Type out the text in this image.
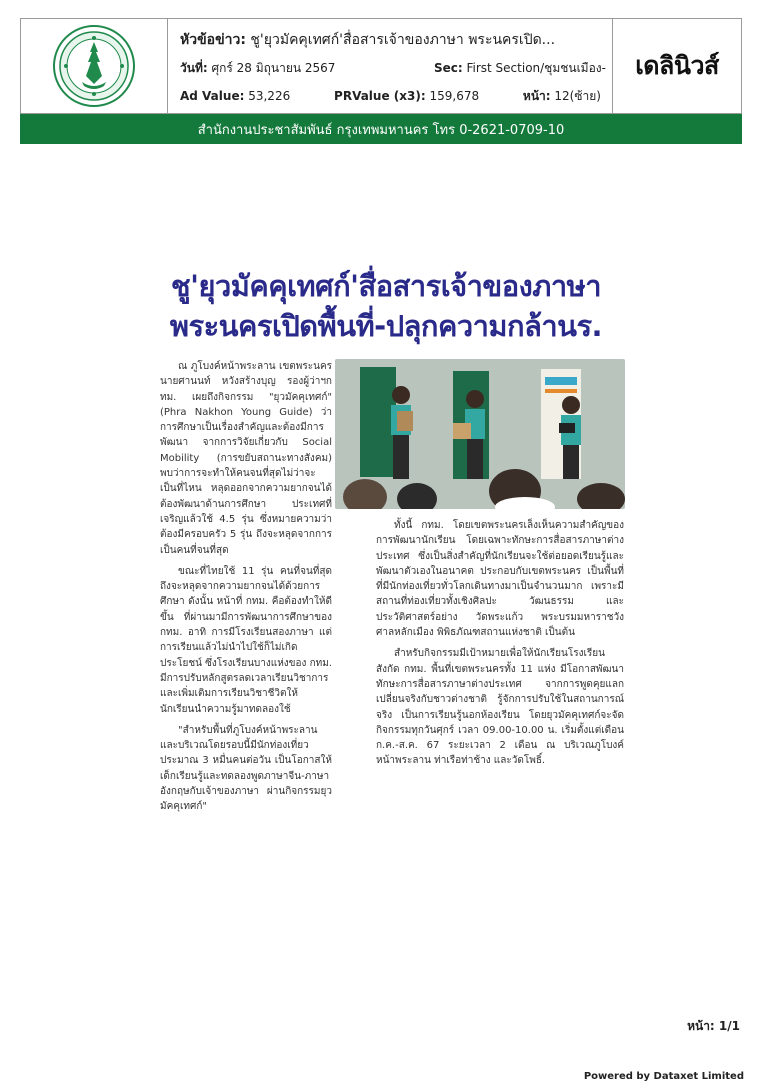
หัวข้อข่าว: ชู'ยุวมัคคุเทศก์'สื่อสารเจ้าของภาษา พระนครเปิด...
วันที่: ศุกร์ 28 มิถุนายน 2567	Sec: First Section/ชุมชนเมือง-
Ad Value: 53,226	PRValue (x3): 159,678	หน้า: 12(ซ้าย)
เดลินิวส์
สำนักงานประชาสัมพันธ์ กรุงเทพมหานคร โทร 0-2621-0709-10
ชู'ยุวมัคคุเทศก์'สื่อสารเจ้าของภาษา
พระนครเปิดพื้นที่-ปลุกความกล้านร.

ณ ภูโบงค์หน้าพระลาน เขตพระนคร นายศานนท์ หวังสร้างบุญ รองผู้ว่าฯกทม. เผยถึงกิจกรรม "ยุวมัคคุเทศก์" (Phra Nakhon Young Guide) ว่า การศึกษาเป็นเรื่องสำคัญและต้องมีการพัฒนา จากการวิจัยเกี่ยวกับ Social Mobility (การขยับสถานะทางสังคม) พบว่าการจะทำให้คนจนที่สุดไม่ว่าจะเป็นที่ไหน หลุดออกจากความยากจนได้ต้องพัฒนาด้านการศึกษา ประเทศที่เจริญแล้วใช้ 4.5 รุ่น ซึ่งหมายความว่าต้องมีครอบครัว 5 รุ่น ถึงจะหลุดจากการเป็นคนที่จนที่สุด

ขณะที่ไทยใช้ 11 รุ่น คนที่จนที่สุดถึงจะหลุดจากความยากจนได้ด้วยการศึกษา ดังนั้น หน้าที่ กทม. คือต้องทำให้ดีขึ้น ที่ผ่านมามีการพัฒนาการศึกษาของ กทม. อาทิ การมีโรงเรียนสองภาษา แต่การเรียนแล้วไม่นำไปใช้ก็ไม่เกิดประโยชน์ ซึ่งโรงเรียนบางแห่งของ กทม. มีการปรับหลักสูตรลดเวลาเรียนวิชาการ และเพิ่มเติมการเรียนวิชาชีวิตให้นักเรียนนำความรู้มาทดลองใช้

"สำหรับพื้นที่ภูโบงค์หน้าพระลานและบริเวณโดยรอบนี้มีนักท่องเที่ยวประมาณ 3 หมื่นคนต่อวัน เป็นโอกาสให้เด็กเรียนรู้และทดลองพูดภาษาจีน-ภาษาอังกฤษกับเจ้าของภาษา ผ่านกิจกรรมยุวมัคคุเทศก์"

ทั้งนี้ กทม. โดยเขตพระนครเล็งเห็นความสำคัญของการพัฒนานักเรียน โดยเฉพาะทักษะการสื่อสารภาษาต่างประเทศ ซึ่งเป็นสิ่งสำคัญที่นักเรียนจะใช้ต่อยอดเรียนรู้และพัฒนาตัวเองในอนาคต ประกอบกับเขตพระนคร เป็นพื้นที่ที่มีนักท่องเที่ยวทั่วโลกเดินทางมาเป็นจำนวนมาก เพราะมีสถานที่ท่องเที่ยวทั้งเชิงศิลปะ วัฒนธรรม และประวัติศาสตร์อย่าง วัดพระแก้ว พระบรมมหาราชวัง ศาลหลักเมือง พิพิธภัณฑสถานแห่งชาติ เป็นต้น

สำหรับกิจกรรมมีเป้าหมายเพื่อให้นักเรียนโรงเรียนสังกัด กทม. พื้นที่เขตพระนครทั้ง 11 แห่ง มีโอกาสพัฒนาทักษะการสื่อสารภาษาต่างประเทศ จากการพูดคุยแลกเปลี่ยนจริงกับชาวต่างชาติ รู้จักการปรับใช้ในสถานการณ์จริง เป็นการเรียนรู้นอกห้องเรียน โดยยุวมัคคุเทศก์จะจัดกิจกรรมทุกวันศุกร์ เวลา 09.00-10.00 น. เริ่มตั้งแต่เดือน ก.ค.-ส.ค. 67 ระยะเวลา 2 เดือน ณ บริเวณภูโบงค์หน้าพระลาน ท่าเรือท่าช้าง และวัดโพธิ์.

หน้า: 1/1
Powered by Dataxet Limited
